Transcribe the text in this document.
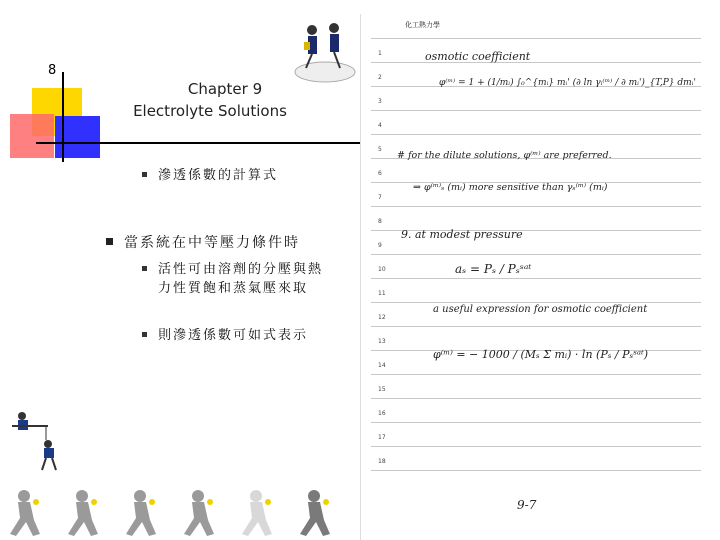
8
Chapter 9
Electrolyte Solutions
滲透係數的計算式
當系統在中等壓力條件時
活性可由溶劑的分壓與熱
力性質飽和蒸氣壓來取
則滲透係數可如式表示
化工熱力學
1
2
3
4
5
6
7
8
9
10
11
12
13
14
15
16
17
18
osmotic coefficient
φ⁽ᵐ⁾ = 1 + (1/mᵢ) ∫₀^{mᵢ} mᵢ' (∂ ln γᵢ⁽ᵐ⁾ / ∂ mᵢ')_{T,P} dmᵢ'
# for the dilute solutions, φ⁽ᵐ⁾ are preferred.
⇒ φ⁽ᵐ⁾ₛ (mᵢ) more sensitive than γₛ⁽ᵐ⁾ (mᵢ)
9. at modest pressure
aₛ = Pₛ / Pₛˢᵃᵗ
a useful expression for osmotic coefficient
φ⁽ᵐ⁾ = − 1000 / (Mₛ Σ mᵢ) · ln (Pₛ / Pₛˢᵃᵗ)
9-7
